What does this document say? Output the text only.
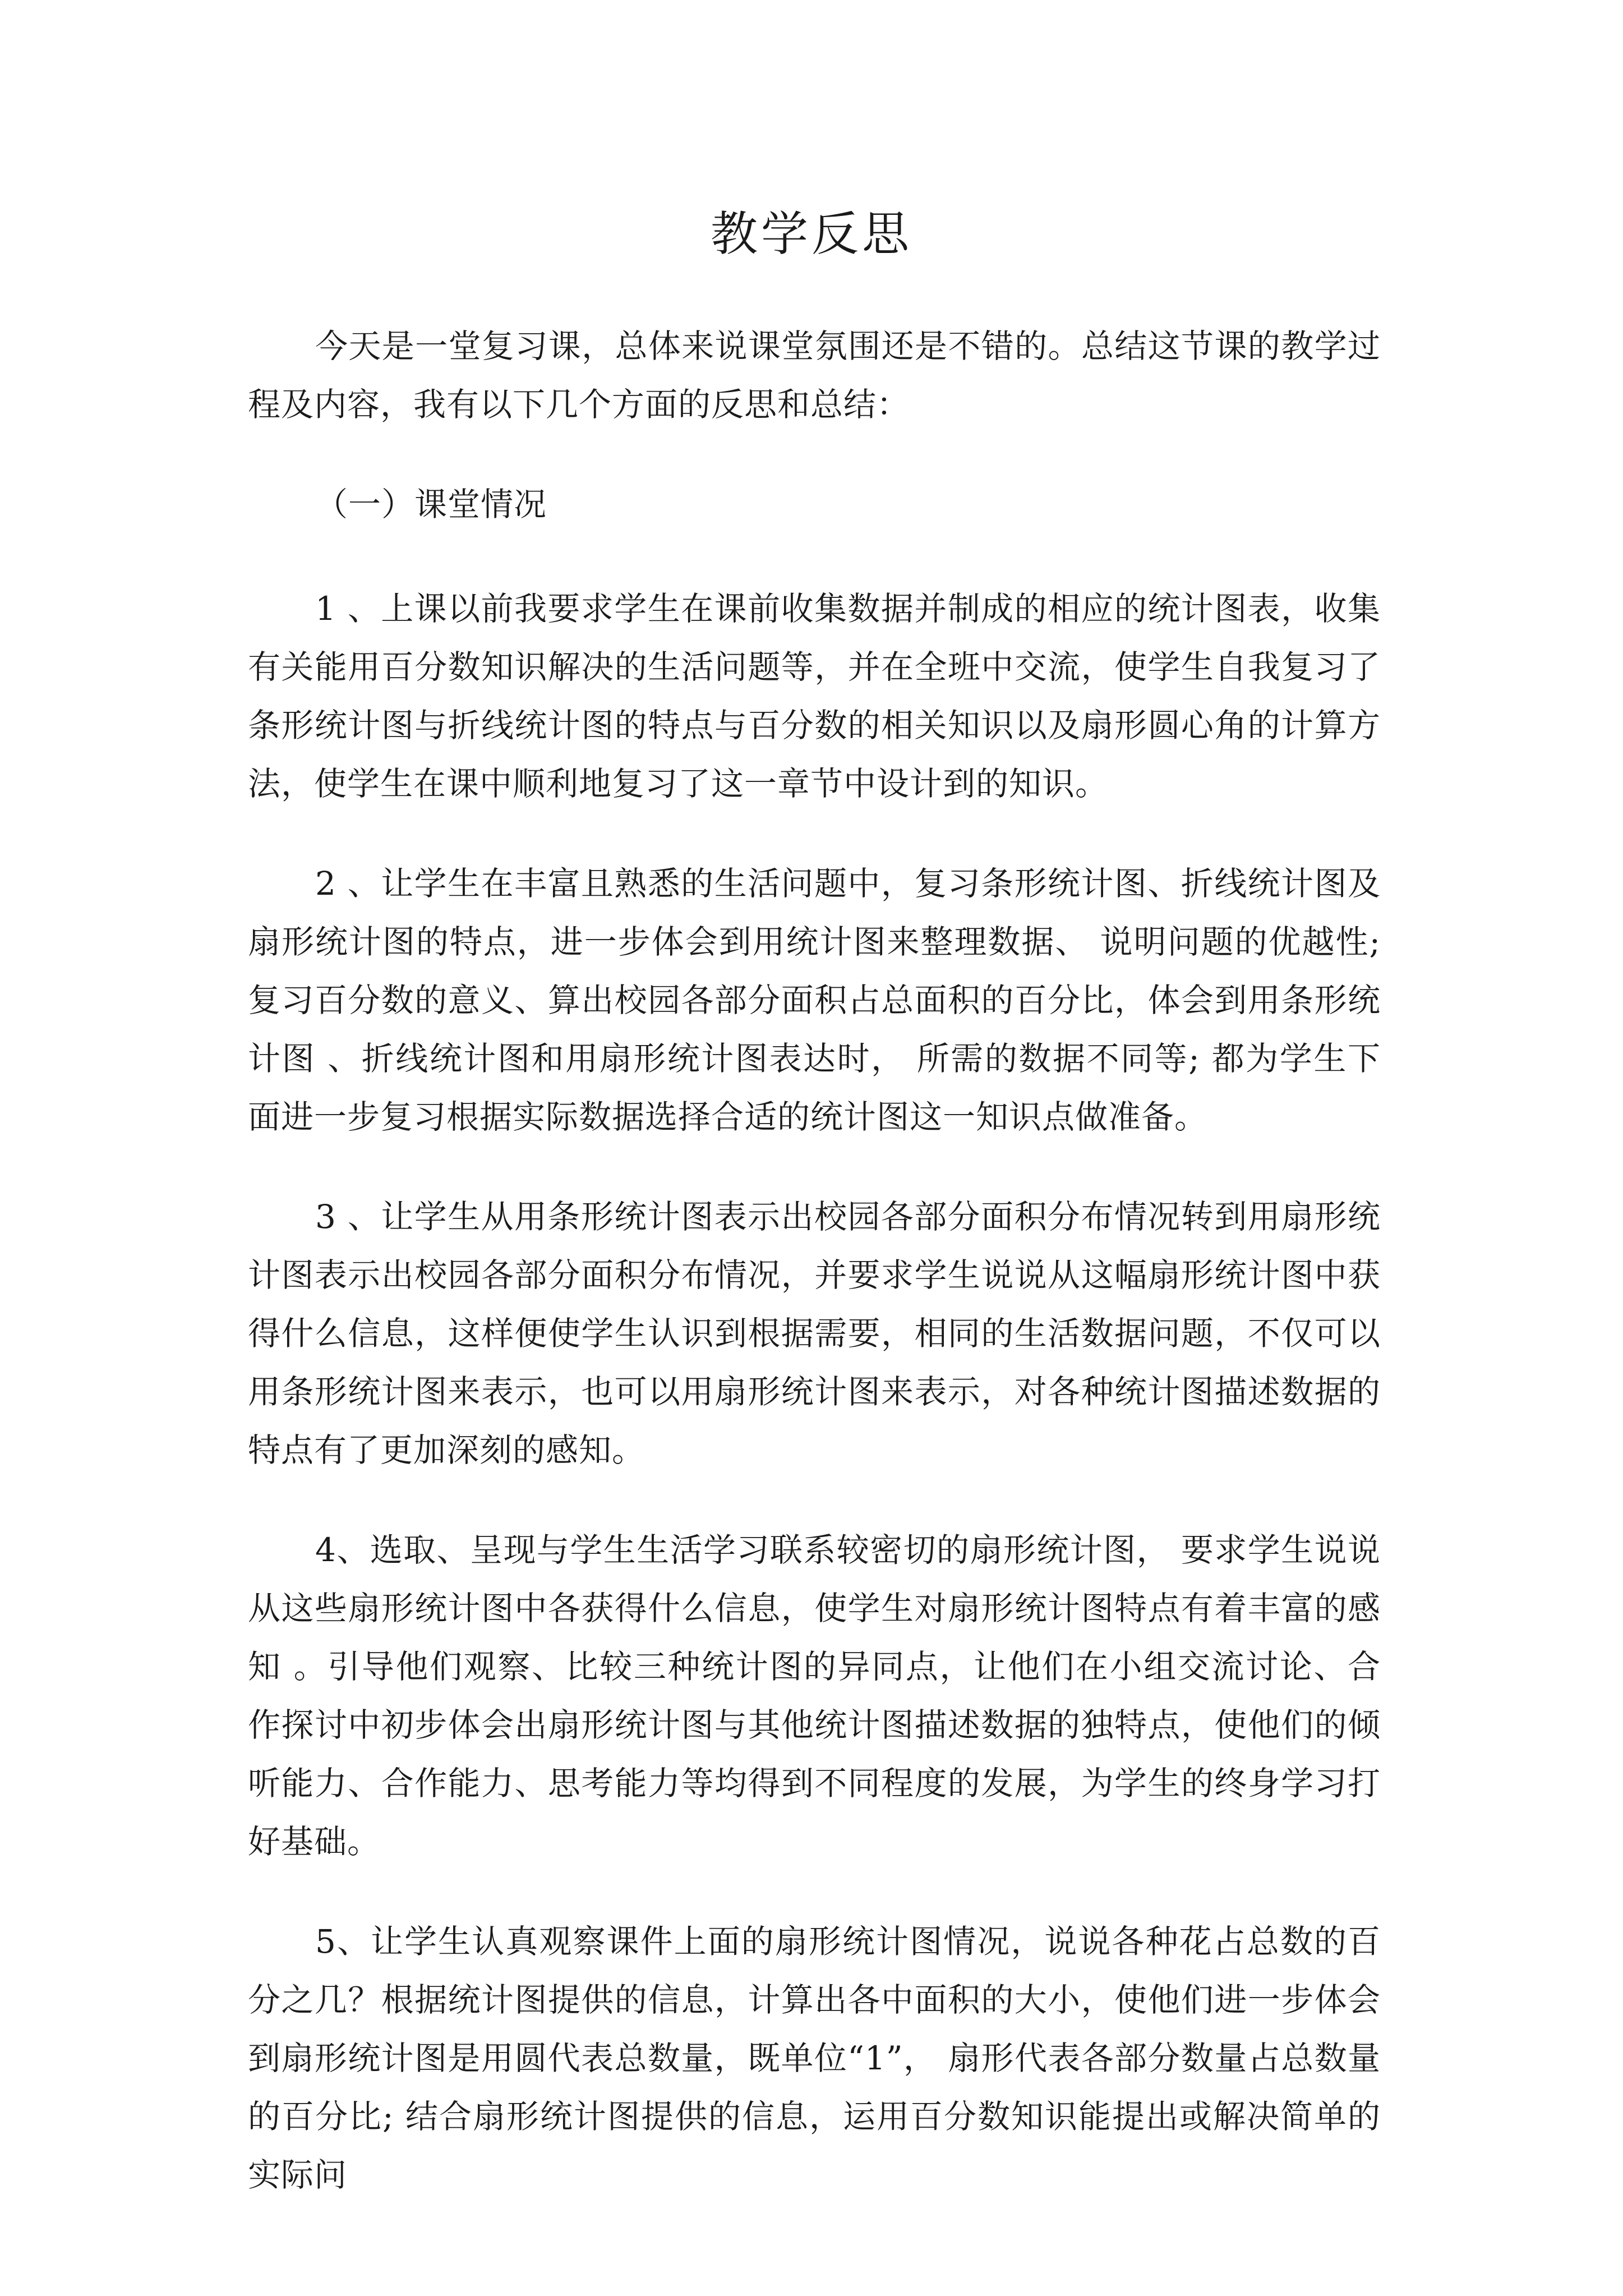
教学反思

今天是一堂复习课，总体来说课堂氛围还是不错的。总结这节课的教学过程及内容，我有以下几个方面的反思和总结：

（一）课堂情况

1 、上课以前我要求学生在课前收集数据并制成的相应的统计图表，收集有关能用百分数知识解决的生活问题等，并在全班中交流，使学生自我复习了条形统计图与折线统计图的特点与百分数的相关知识以及扇形圆心角的计算方法，使学生在课中顺利地复习了这一章节中设计到的知识。

2 、让学生在丰富且熟悉的生活问题中，复习条形统计图、折线统计图及扇形统计图的特点，进一步体会到用统计图来整理数据、 说明问题的优越性; 复习百分数的意义、算出校园各部分面积占总面积的百分比，体会到用条形统计图 、折线统计图和用扇形统计图表达时， 所需的数据不同等; 都为学生下面进一步复习根据实际数据选择合适的统计图这一知识点做准备。

3 、让学生从用条形统计图表示出校园各部分面积分布情况转到用扇形统计图表示出校园各部分面积分布情况，并要求学生说说从这幅扇形统计图中获得什么信息，这样便使学生认识到根据需要，相同的生活数据问题，不仅可以用条形统计图来表示，也可以用扇形统计图来表示，对各种统计图描述数据的特点有了更加深刻的感知。

4、选取、呈现与学生生活学习联系较密切的扇形统计图， 要求学生说说从这些扇形统计图中各获得什么信息，使学生对扇形统计图特点有着丰富的感知 。引导他们观察、比较三种统计图的异同点，让他们在小组交流讨论、合作探讨中初步体会出扇形统计图与其他统计图描述数据的独特点，使他们的倾听能力、合作能力、思考能力等均得到不同程度的发展，为学生的终身学习打好基础。

5、让学生认真观察课件上面的扇形统计图情况，说说各种花占总数的百分之几？根据统计图提供的信息，计算出各中面积的大小，使他们进一步体会到扇形统计图是用圆代表总数量，既单位“1”， 扇形代表各部分数量占总数量的百分比; 结合扇形统计图提供的信息，运用百分数知识能提出或解决简单的实际问
